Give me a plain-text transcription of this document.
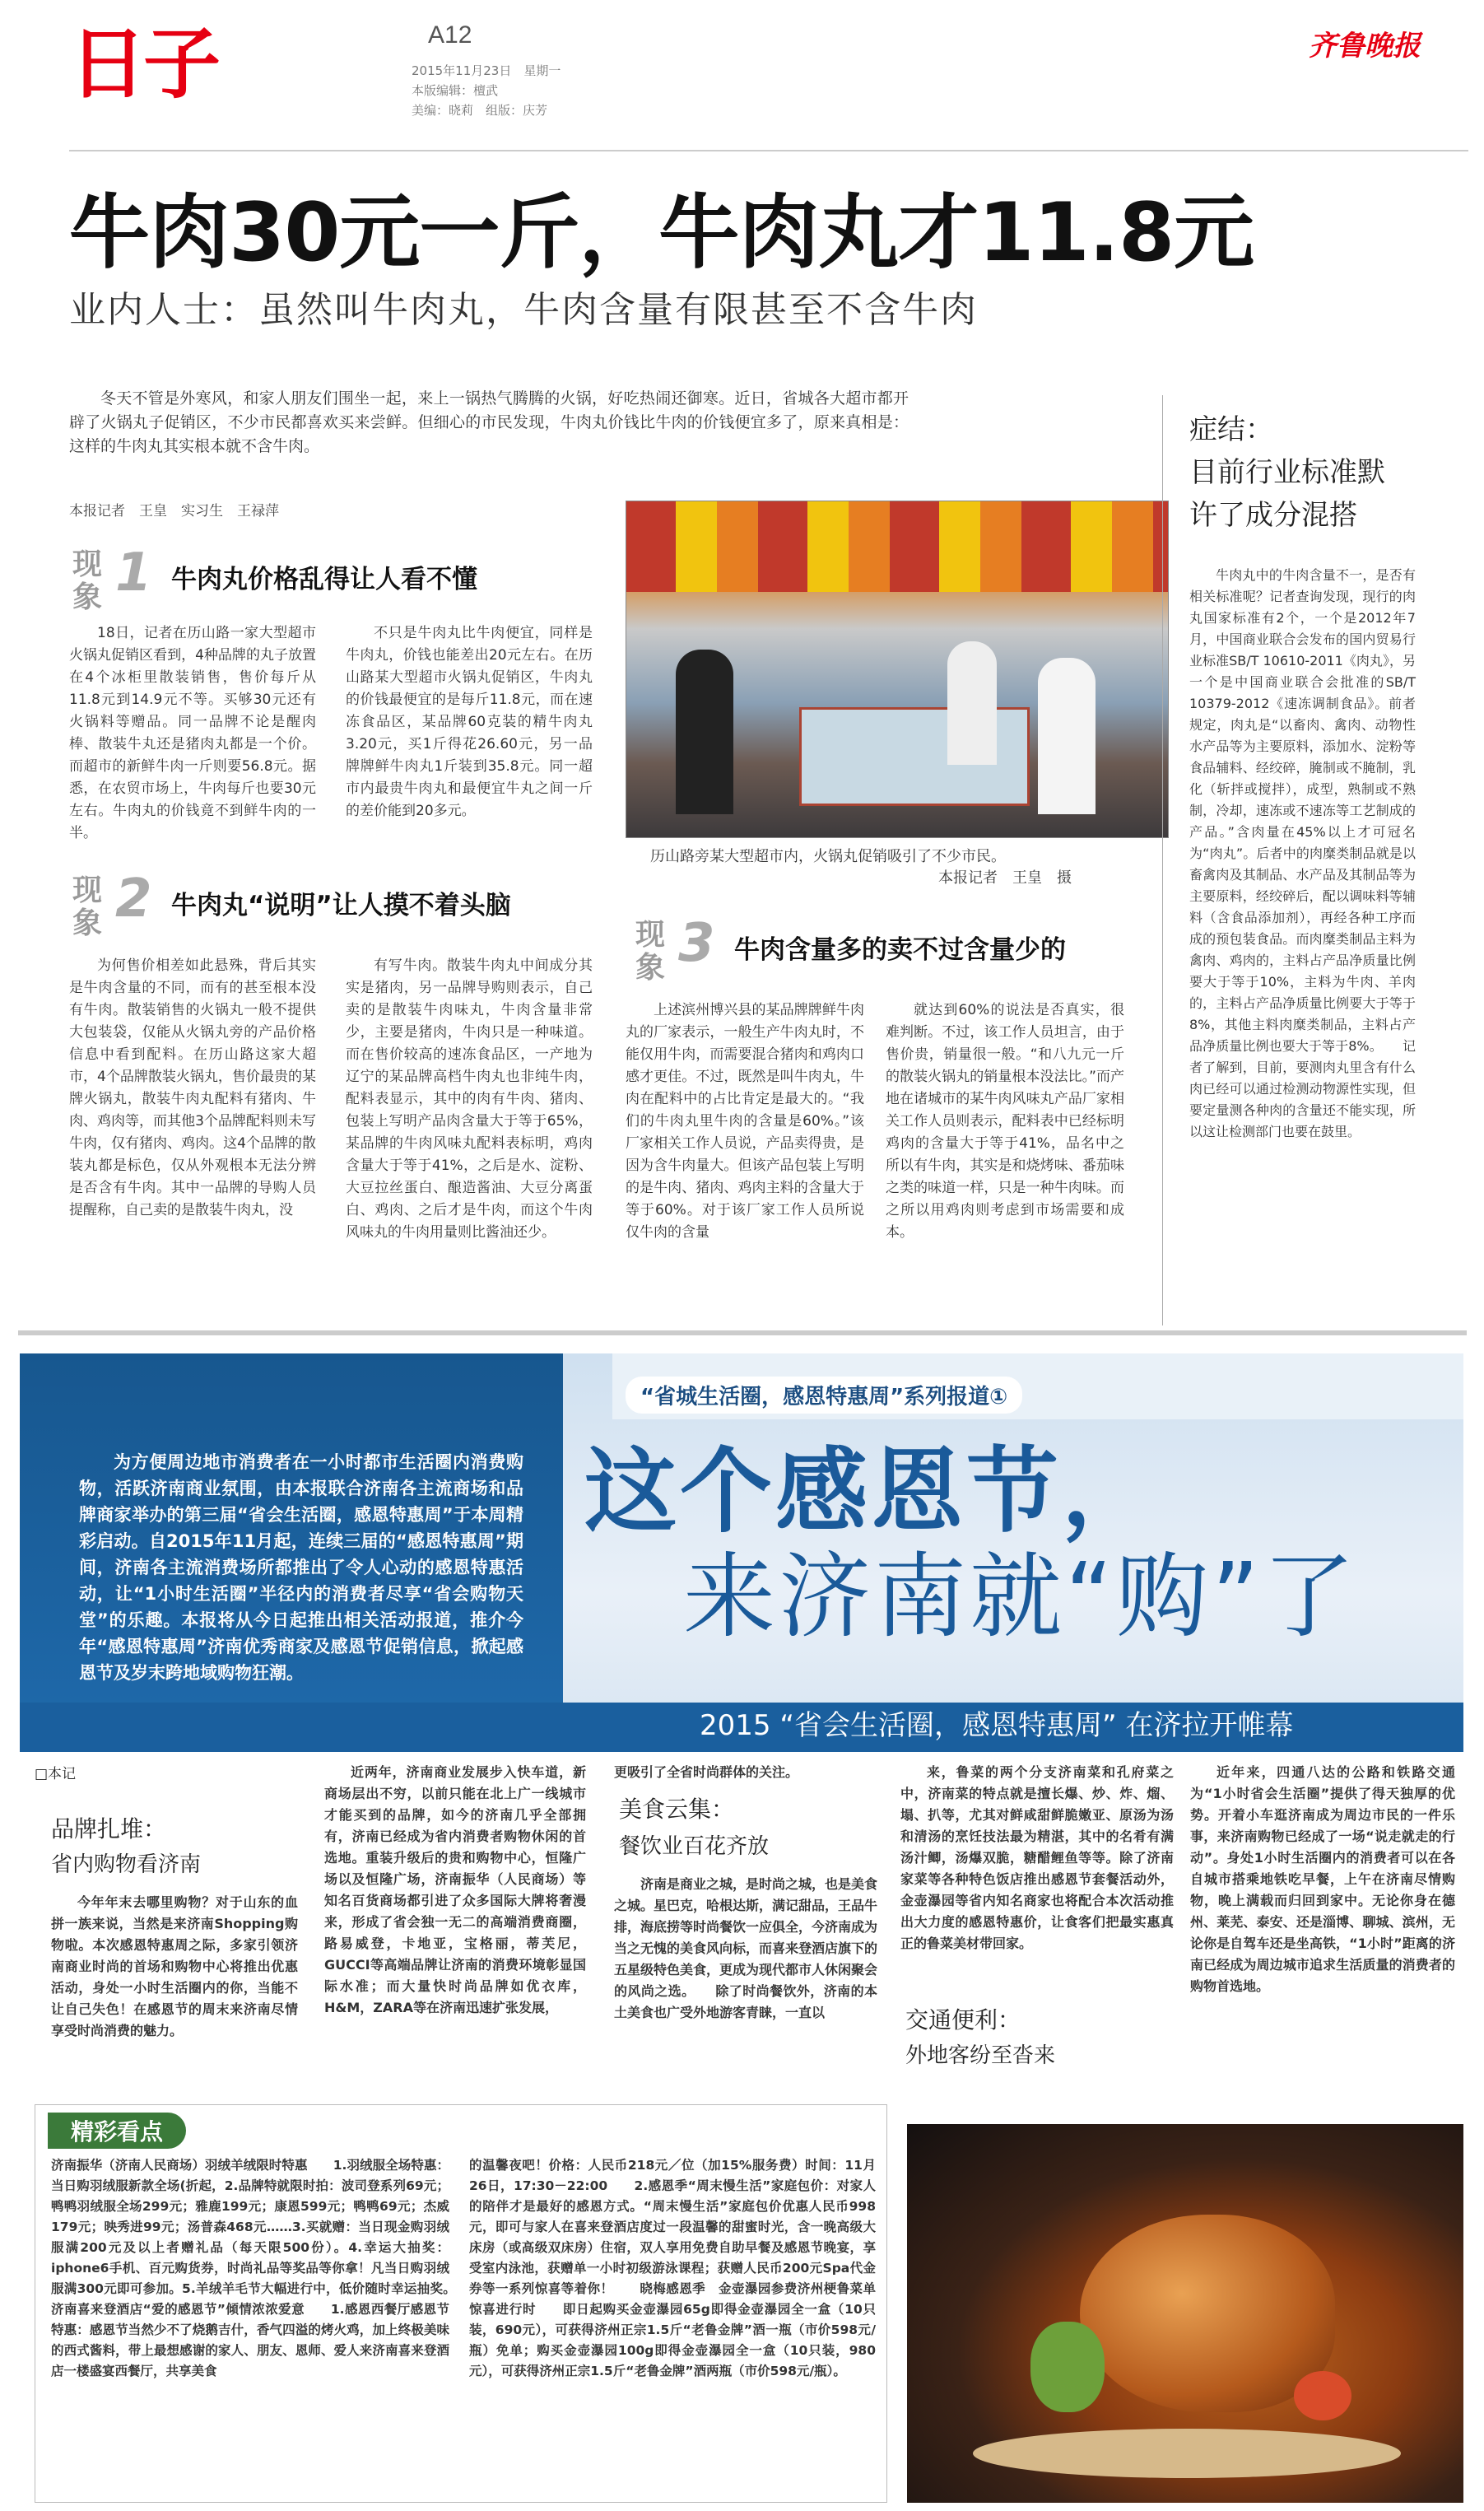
日子	A12
2015年11月23日　星期一
本版编辑：檀武
美编：晓莉　组版：庆芳
齐鲁晚报
牛肉30元一斤，牛肉丸才11.8元
业内人士：虽然叫牛肉丸，牛肉含量有限甚至不含牛肉
冬天不管是外寒风，和家人朋友们围坐一起，来上一锅热气腾腾的火锅，好吃热闹还御寒。近日，省城各大超市都开辟了火锅丸子促销区，不少市民都喜欢买来尝鲜。但细心的市民发现，牛肉丸价钱比牛肉的价钱便宜多了，原来真相是：这样的牛肉丸其实根本就不含牛肉。
本报记者　王皇　实习生　王禄萍
现象 1 牛肉丸价格乱得让人看不懂
18日，记者在历山路一家大型超市火锅丸促销区看到，4种品牌的丸子放置在4个冰柜里散装销售，售价每斤从11.8元到14.9元不等。买够30元还有火锅料等赠品。同一品牌不论是醒肉棒、散装牛丸还是猪肉丸都是一个价。而超市的新鲜牛肉一斤则要56.8元。据悉，在农贸市场上，牛肉每斤也要30元左右。牛肉丸的价钱竟不到鲜牛肉的一半。
不只是牛肉丸比牛肉便宜，同样是牛肉丸，价钱也能差出20元左右。在历山路某大型超市火锅丸促销区，牛肉丸的价钱最便宜的是每斤11.8元，而在速冻食品区，某品牌60克装的精牛肉丸3.20元，买1斤得花26.60元，另一品牌牌鲜牛肉丸1斤装到35.8元。同一超市内最贵牛肉丸和最便宜牛丸之间一斤的差价能到20多元。
历山路旁某大型超市内，火锅丸促销吸引了不少市民。
本报记者　王皇　摄
现象 2 牛肉丸“说明”让人摸不着头脑
为何售价相差如此悬殊，背后其实是牛肉含量的不同，而有的甚至根本没有牛肉。散装销售的火锅丸一般不提供大包装袋，仅能从火锅丸旁的产品价格信息中看到配料。在历山路这家大超市，4个品牌散装火锅丸，售价最贵的某牌火锅丸，散装牛肉丸配料有猪肉、牛肉、鸡肉等，而其他3个品牌配料则未写牛肉，仅有猪肉、鸡肉。这4个品牌的散装丸都是标色，仅从外观根本无法分辨是否含有牛肉。其中一品牌的导购人员提醒称，自己卖的是散装牛肉丸，没
有写牛肉。散装牛肉丸中间成分其实是猪肉，另一品牌导购则表示，自己卖的是散装牛肉味丸，牛肉含量非常少，主要是猪肉，牛肉只是一种味道。而在售价较高的速冻食品区，一产地为辽宁的某品牌高档牛肉丸也非纯牛肉，配料表显示，其中的肉有牛肉、猪肉、包装上写明产品肉含量大于等于65%，某品牌的牛肉风味丸配料表标明，鸡肉含量大于等于41%，之后是水、淀粉、大豆拉丝蛋白、酿造酱油、大豆分离蛋白、鸡肉、之后才是牛肉，而这个牛肉风味丸的牛肉用量则比酱油还少。
现象 3 牛肉含量多的卖不过含量少的
上述滨州博兴县的某品牌牌鲜牛肉丸的厂家表示，一般生产牛肉丸时，不能仅用牛肉，而需要混合猪肉和鸡肉口感才更佳。不过，既然是叫牛肉丸，牛肉在配料中的占比肯定是最大的。“我们的牛肉丸里牛肉的含量是60%。”该厂家相关工作人员说，产品卖得贵，是因为含牛肉量大。但该产品包装上写明的是牛肉、猪肉、鸡肉主料的含量大于等于60%。对于该厂家工作人员所说仅牛肉的含量
就达到60%的说法是否真实，很难判断。不过，该工作人员坦言，由于售价贵，销量很一般。“和八九元一斤的散装火锅丸的销量根本没法比。”而产地在诸城市的某牛肉风味丸产品厂家相关工作人员则表示，配料表中已经标明鸡肉的含量大于等于41%，品名中之所以有牛肉，其实是和烧烤味、番茄味之类的味道一样，只是一种牛肉味。而之所以用鸡肉则考虑到市场需要和成本。
症结：
目前行业标准默许了成分混搭
牛肉丸中的牛肉含量不一，是否有相关标准呢？记者查询发现，现行的肉丸国家标准有2个，一个是2012年7月，中国商业联合会发布的国内贸易行业标准SB/T 10610-2011《肉丸》，另一个是中国商业联合会批准的SB/T 10379-2012《速冻调制食品》。前者规定，肉丸是“以畜肉、禽肉、动物性水产品等为主要原料，添加水、淀粉等食品辅料、经绞碎，腌制或不腌制，乳化（斩拌或搅拌），成型，熟制或不熟制，冷却，速冻或不速冻等工艺制成的产品。”含肉量在45%以上才可冠名为“肉丸”。后者中的肉糜类制品就是以畜禽肉及其制品、水产品及其制品等为主要原料，经绞碎后，配以调味料等辅料（含食品添加剂），再经各种工序而成的预包装食品。而肉糜类制品主料为禽肉、鸡肉的，主料占产品净质量比例要大于等于10%，主料为牛肉、羊肉的，主料占产品净质量比例要大于等于8%，其他主料肉糜类制品，主料占产品净质量比例也要大于等于8%。　　记者了解到，目前，要测肉丸里含有什么肉已经可以通过检测动物源性实现，但要定量测各种肉的含量还不能实现，所以这让检测部门也要在鼓里。
“省城生活圈，感恩特惠周”系列报道①
这个感恩节，
来济南就“购”了
2015 “省会生活圈，感恩特惠周” 在济拉开帷幕
为方便周边地市消费者在一小时都市生活圈内消费购物，活跃济南商业氛围，由本报联合济南各主流商场和品牌商家举办的第三届“省会生活圈，感恩特惠周”于本周精彩启动。自2015年11月起，连续三届的“感恩特惠周”期间，济南各主流消费场所都推出了令人心动的感恩特惠活动，让“1小时生活圈”半径内的消费者尽享“省会购物天堂”的乐趣。本报将从今日起推出相关活动报道，推介今年“感恩特惠周”济南优秀商家及感恩节促销信息，掀起感恩节及岁末跨地域购物狂潮。
□本记
品牌扎堆：
省内购物看济南
今年年末去哪里购物？对于山东的血拼一族来说，当然是来济南Shopping购物啦。本次感恩特惠周之际，多家引领济南商业时尚的首场和购物中心将推出优惠活动，身处一小时生活圈内的你，当能不让自己失色！在感恩节的周末来济南尽情享受时尚消费的魅力。
近两年，济南商业发展步入快车道，新商场层出不穷，以前只能在北上广一线城市才能买到的品牌，如今的济南几乎全部拥有，济南已经成为省内消费者购物休闲的首选地。重装升级后的贵和购物中心，恒隆广场以及恒隆广场，济南振华（人民商场）等知名百货商场都引进了众多国际大牌将奢漫来，形成了省会独一无二的高端消费商圈，路易威登，卡地亚，宝格丽，蒂芙尼，GUCCI等高端品牌让济南的消费环境彰显国际水准；而大量快时尚品牌如优衣库，H&M，ZARA等在济南迅速扩张发展，
更吸引了全省时尚群体的关注。
美食云集：
餐饮业百花齐放
济南是商业之城，是时尚之城，也是美食之城。星巴克，哈根达斯，满记甜品，王品牛排，海底捞等时尚餐饮一应俱全，今济南成为当之无愧的美食风向标，而喜来登酒店旗下的五星级特色美食，更成为现代都市人休闲聚会的风尚之选。　　除了时尚餐饮外，济南的本土美食也广受外地游客青睐，一直以
来，鲁菜的两个分支济南菜和孔府菜之中，济南菜的特点就是擅长爆、炒、炸、熘、塌、扒等，尤其对鲜咸甜鲜脆嫩亚、原汤为汤和清汤的烹饪技法最为精湛，其中的名肴有满汤汁鲫，汤爆双脆，糖醋鲤鱼等等。除了济南家菜等各种特色饭店推出感恩节套餐活动外，金壶瀑园等省内知名商家也将配合本次活动推出大力度的感恩特惠价，让食客们把最实惠真正的鲁菜美材带回家。
交通便利：
外地客纷至沓来
近年来，四通八达的公路和铁路交通为“1小时省会生活圈”提供了得天独厚的优势。开着小车逛济南成为周边市民的一件乐事，来济南购物已经成了一场“说走就走的行动”。身处1小时生活圈内的消费者可以在各自城市搭乘地铁吃早餐，上午在济南尽情购物，晚上满载而归回到家中。无论你身在德州、莱芜、泰安、还是淄博、聊城、滨州，无论你是自驾车还是坐高铁，“1小时”距离的济南已经成为周边城市追求生活质量的消费者的购物首选地。
精彩看点
济南振华（济南人民商场）羽绒羊绒限时特惠　　1.羽绒服全场特惠：当日购羽绒服新款全场(折起，2.品牌特就限时拍：波司登系列69元；鸭鸭羽绒服全场299元；雅鹿199元；康恩599元；鸭鸭69元；杰威179元；映秀进99元；汤普森468元……3.买就赠：当日现金购羽绒服满200元及以上者赠礼品（每天限500份）。4.幸运大抽奖：iphone6手机、百元购货券，时尚礼品等奖品等你拿！凡当日购羽绒服满300元即可参加。5.羊绒羊毛节大幅进行中，低价随时幸运抽奖。　　济南喜来登酒店“爱的感恩节”倾情浓浓爱意　　1.感恩西餐厅感恩节特惠：感恩节当然少不了烧鹅吉什，香气四溢的烤火鸡，加上终极美味的西式酱料，带上最想感谢的家人、朋友、恩师、爱人来济南喜来登酒店一楼盛宴西餐厅，共享美食
的温馨夜吧！价格：人民币218元／位（加15%服务费）时间：11月26日，17:30－22:00　　2.感恩季“周末慢生活”家庭包价：对家人的陪伴才是最好的感恩方式。“周末慢生活”家庭包价优惠人民币998元，即可与家人在喜来登酒店度过一段温馨的甜蜜时光，含一晚高级大床房（或高级双床房）住宿，双人享用免费自助早餐及感恩节晚宴，享受室内泳池，获赠单一小时初级游泳课程；获赠人民币200元Spa代金券等一系列惊喜等着你！　　晓梅感恩季　金壶瀑园参费济州梗鲁菜单惊喜进行时　　即日起购买金壶瀑园65g即得金壶瀑园全一盒（10只装，690元），可获得济州正宗1.5斤“老鲁金牌”酒一瓶（市价598元/瓶）免单；购买金壶瀑园100g即得金壶瀑园全一盒（10只装，980元），可获得济州正宗1.5斤“老鲁金牌”酒两瓶（市价598元/瓶）。
